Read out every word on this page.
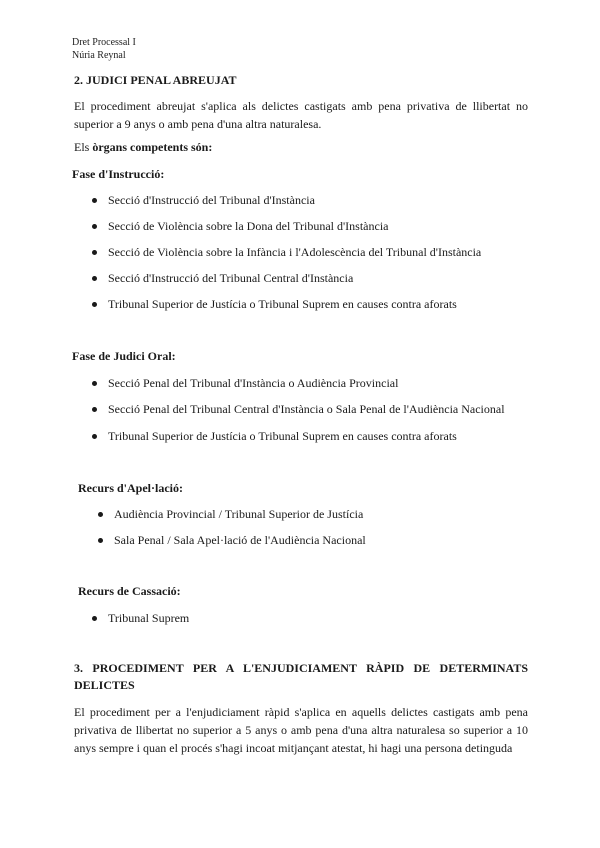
Dret Processal I
Núria Reynal
2. JUDICI PENAL ABREUJAT
El procediment abreujat s'aplica als delictes castigats amb pena privativa de llibertat no superior a 9 anys o amb pena d'una altra naturalesa.
Els òrgans competents són:
Fase d'Instrucció:
Secció d'Instrucció del Tribunal d'Instància
Secció de Violència sobre la Dona del Tribunal d'Instància
Secció de Violència sobre la Infància i l'Adolescència del Tribunal d'Instància
Secció d'Instrucció del Tribunal Central d'Instància
Tribunal Superior de Justícia o Tribunal Suprem en causes contra aforats
Fase de Judici Oral:
Secció Penal del Tribunal d'Instància o Audiència Provincial
Secció Penal del Tribunal Central d'Instància o Sala Penal de l'Audiència Nacional
Tribunal Superior de Justícia o Tribunal Suprem en causes contra aforats
Recurs d'Apel·lació:
Audiència Provincial / Tribunal Superior de Justícia
Sala Penal / Sala Apel·lació de l'Audiència Nacional
Recurs de Cassació:
Tribunal Suprem
3. PROCEDIMENT PER A L'ENJUDICIAMENT RÀPID DE DETERMINATS
DELICTES
El procediment per a l'enjudiciament ràpid s'aplica en aquells delictes castigats amb pena privativa de llibertat no superior a 5 anys o amb pena d'una altra naturalesa so superior a 10 anys sempre i quan el procés s'hagi incoat mitjançant atestat, hi hagi una persona detinguda
